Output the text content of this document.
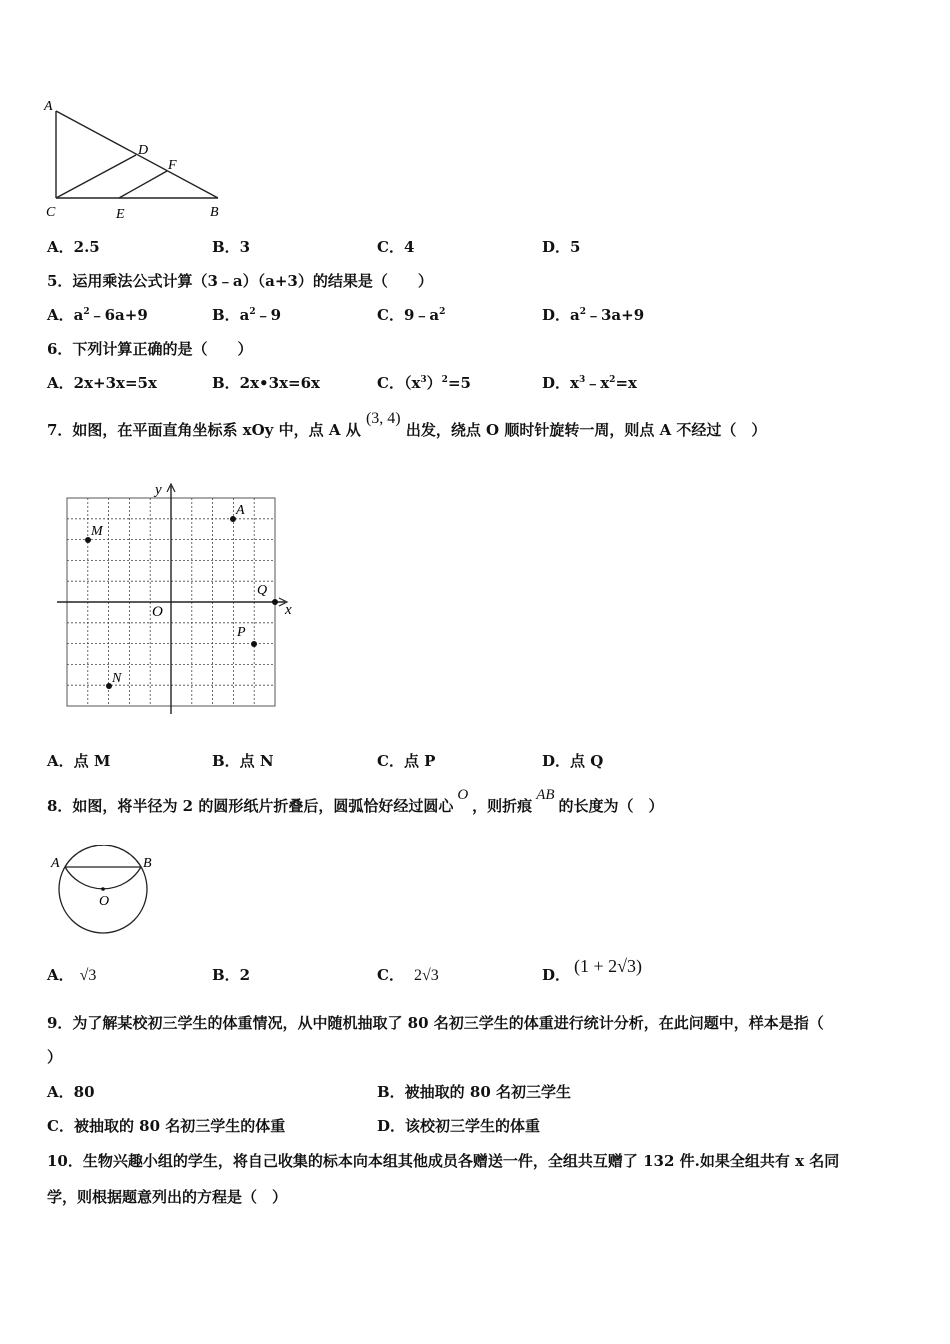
A
D
F
C	E	B
A．2.5	B．3	C．4	D．5
5．运用乘法公式计算（3﹣a）（a+3）的结果是（　　）
A．$a^2﹣6a+9$	B．$a^2﹣9$	C．$9﹣a^2$	D．$a^2﹣3a+9$
6．下列计算正确的是（　　）
A．2x+3x=5x	B．2x•3x=6x	C．$(x^3)^2=5$	D．$x^3﹣x^2=x$
7．如图，在平面直角坐标系 xOy 中，点 A 从 (3, 4) 出发，绕点 O 顺时针旋转一周，则点 A 不经过（　）
y
x
O
A
M
Q
P
N
A．点 M	B．点 N	C．点 P	D．点 Q
8．如图，将半径为 2 的圆形纸片折叠后，圆弧恰好经过圆心O，则折痕AB的长度为（　）
A	B
O
A． √3	B．2	C． 2√3	D． (1 + 2√3)
9．为了解某校初三学生的体重情况，从中随机抽取了 80 名初三学生的体重进行统计分析，在此问题中，样本是指（
）
A．80	B．被抽取的 80 名初三学生
C．被抽取的 80 名初三学生的体重	D．该校初三学生的体重
10．生物兴趣小组的学生，将自己收集的标本向本组其他成员各赠送一件，全组共互赠了 132 件.如果全组共有 x 名同
学，则根据题意列出的方程是（　）
